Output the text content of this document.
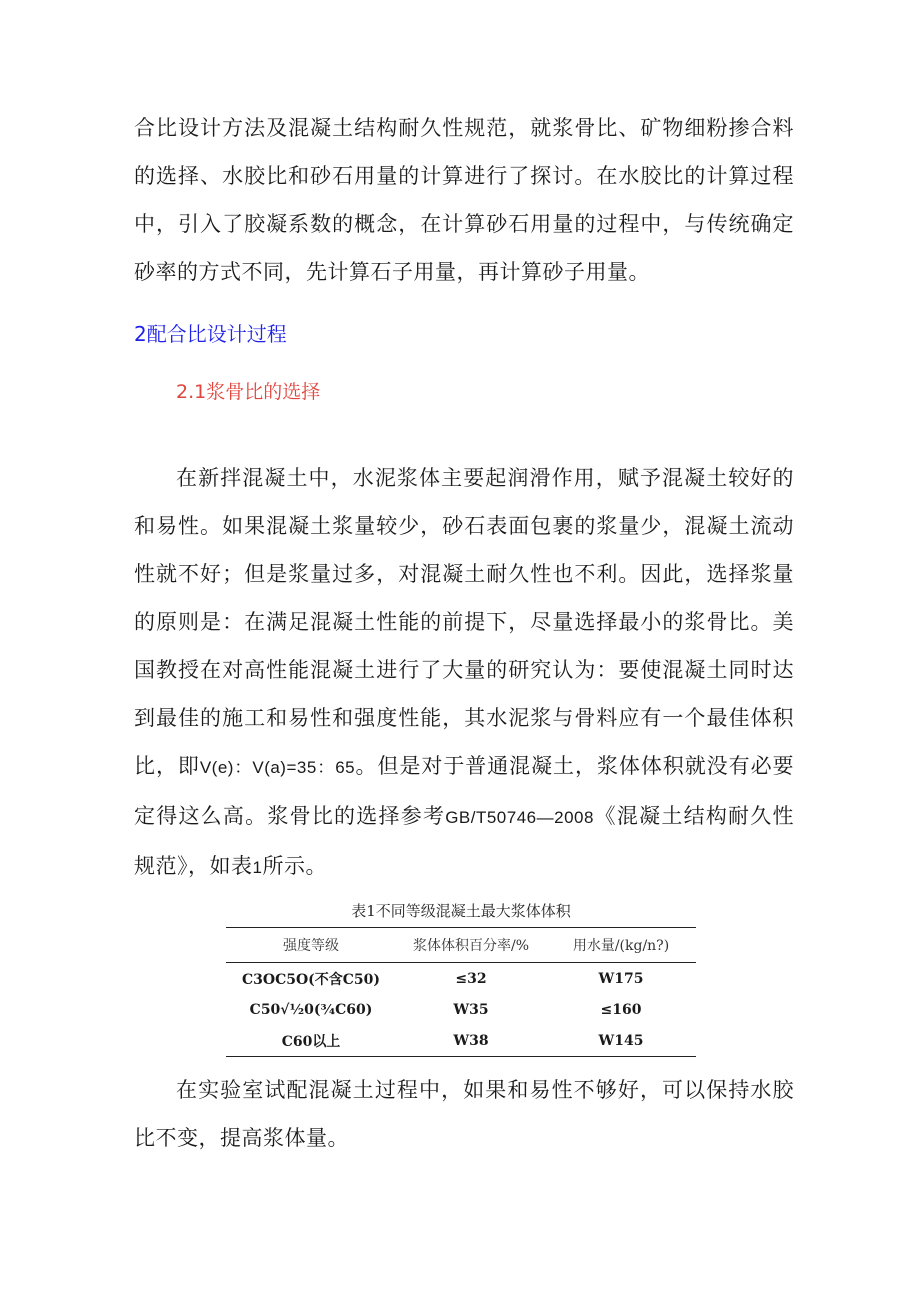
合比设计方法及混凝土结构耐久性规范，就浆骨比、矿物细粉掺合料的选择、水胶比和砂石用量的计算进行了探讨。在水胶比的计算过程中，引入了胶凝系数的概念，在计算砂石用量的过程中，与传统确定砂率的方式不同，先计算石子用量，再计算砂子用量。

2配合比设计过程
2.1浆骨比的选择

在新拌混凝土中，水泥浆体主要起润滑作用，赋予混凝土较好的和易性。如果混凝土浆量较少，砂石表面包裹的浆量少，混凝土流动性就不好；但是浆量过多，对混凝土耐久性也不利。因此，选择浆量的原则是：在满足混凝土性能的前提下，尽量选择最小的浆骨比。美国教授在对高性能混凝土进行了大量的研究认为：要使混凝土同时达到最佳的施工和易性和强度性能，其水泥浆与骨料应有一个最佳体积比，即V(e)：V(a)=35：65。但是对于普通混凝土，浆体体积就没有必要定得这么高。浆骨比的选择参考GB/T50746—2008《混凝土结构耐久性规范》，如表1所示。

表1不同等级混凝土最大浆体体积

强度等级	浆体体积百分率/%	用水量/(kg/n?)
C3OC5O(不含C50)	≤32	W175
C50√½0(¾C60)	W35	≤160
C60以上	W38	W145

在实验室试配混凝土过程中，如果和易性不够好，可以保持水胶比不变，提高浆体量。
